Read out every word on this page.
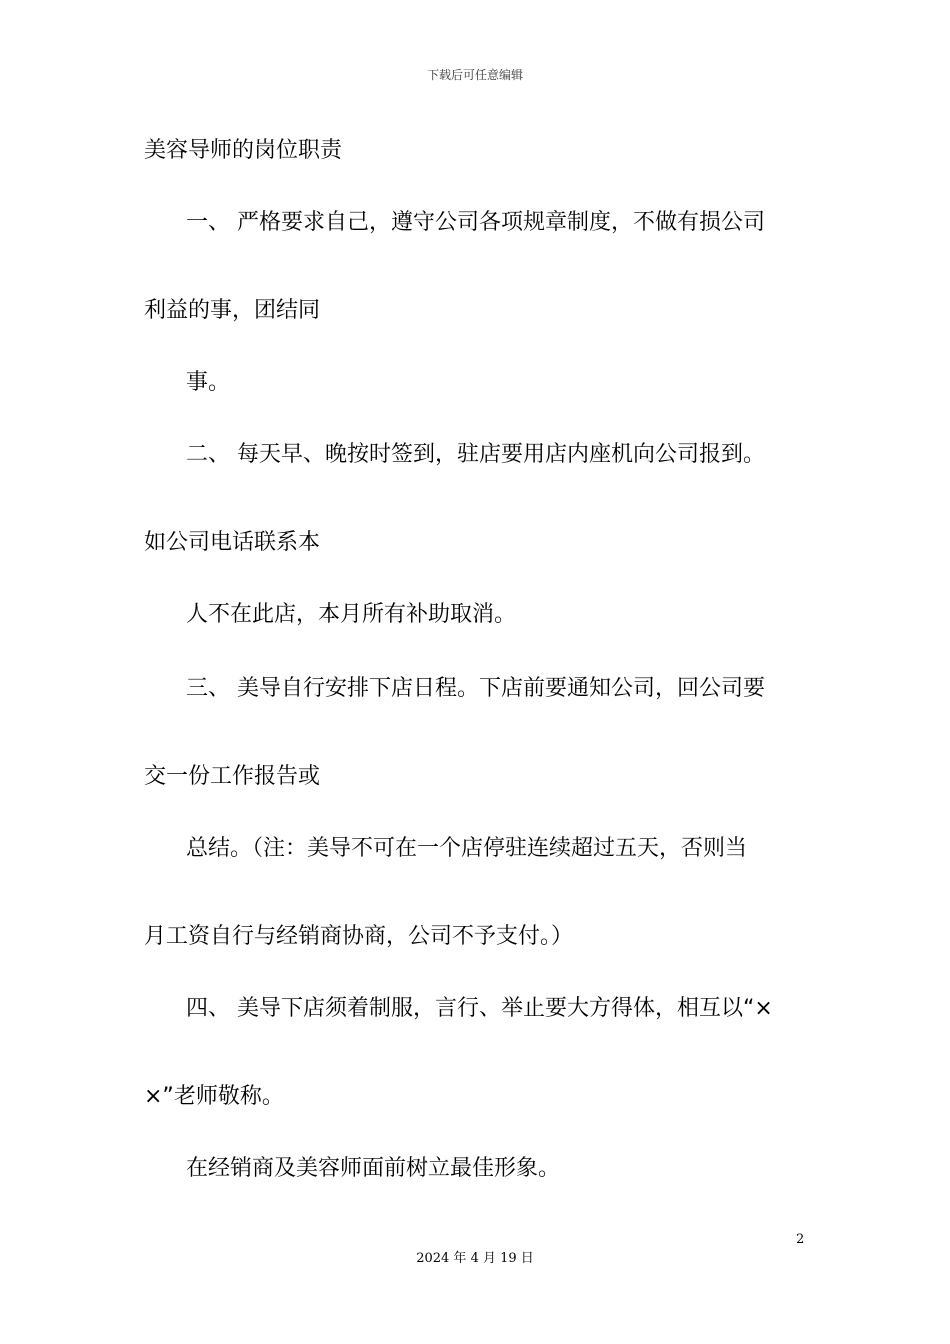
下载后可任意编辑
美容导师的岗位职责
一、 严格要求自己，遵守公司各项规章制度，不做有损公司
利益的事，团结同
事。
二、 每天早、晚按时签到，驻店要用店内座机向公司报到。
如公司电话联系本
人不在此店，本月所有补助取消。
三、 美导自行安排下店日程。下店前要通知公司，回公司要
交一份工作报告或
总结。（注：美导不可在一个店停驻连续超过五天，否则当
月工资自行与经销商协商，公司不予支付。）
四、 美导下店须着制服，言行、举止要大方得体，相互以“×
×”老师敬称。
在经销商及美容师面前树立最佳形象。
2
2024 年 4 月 19 日
